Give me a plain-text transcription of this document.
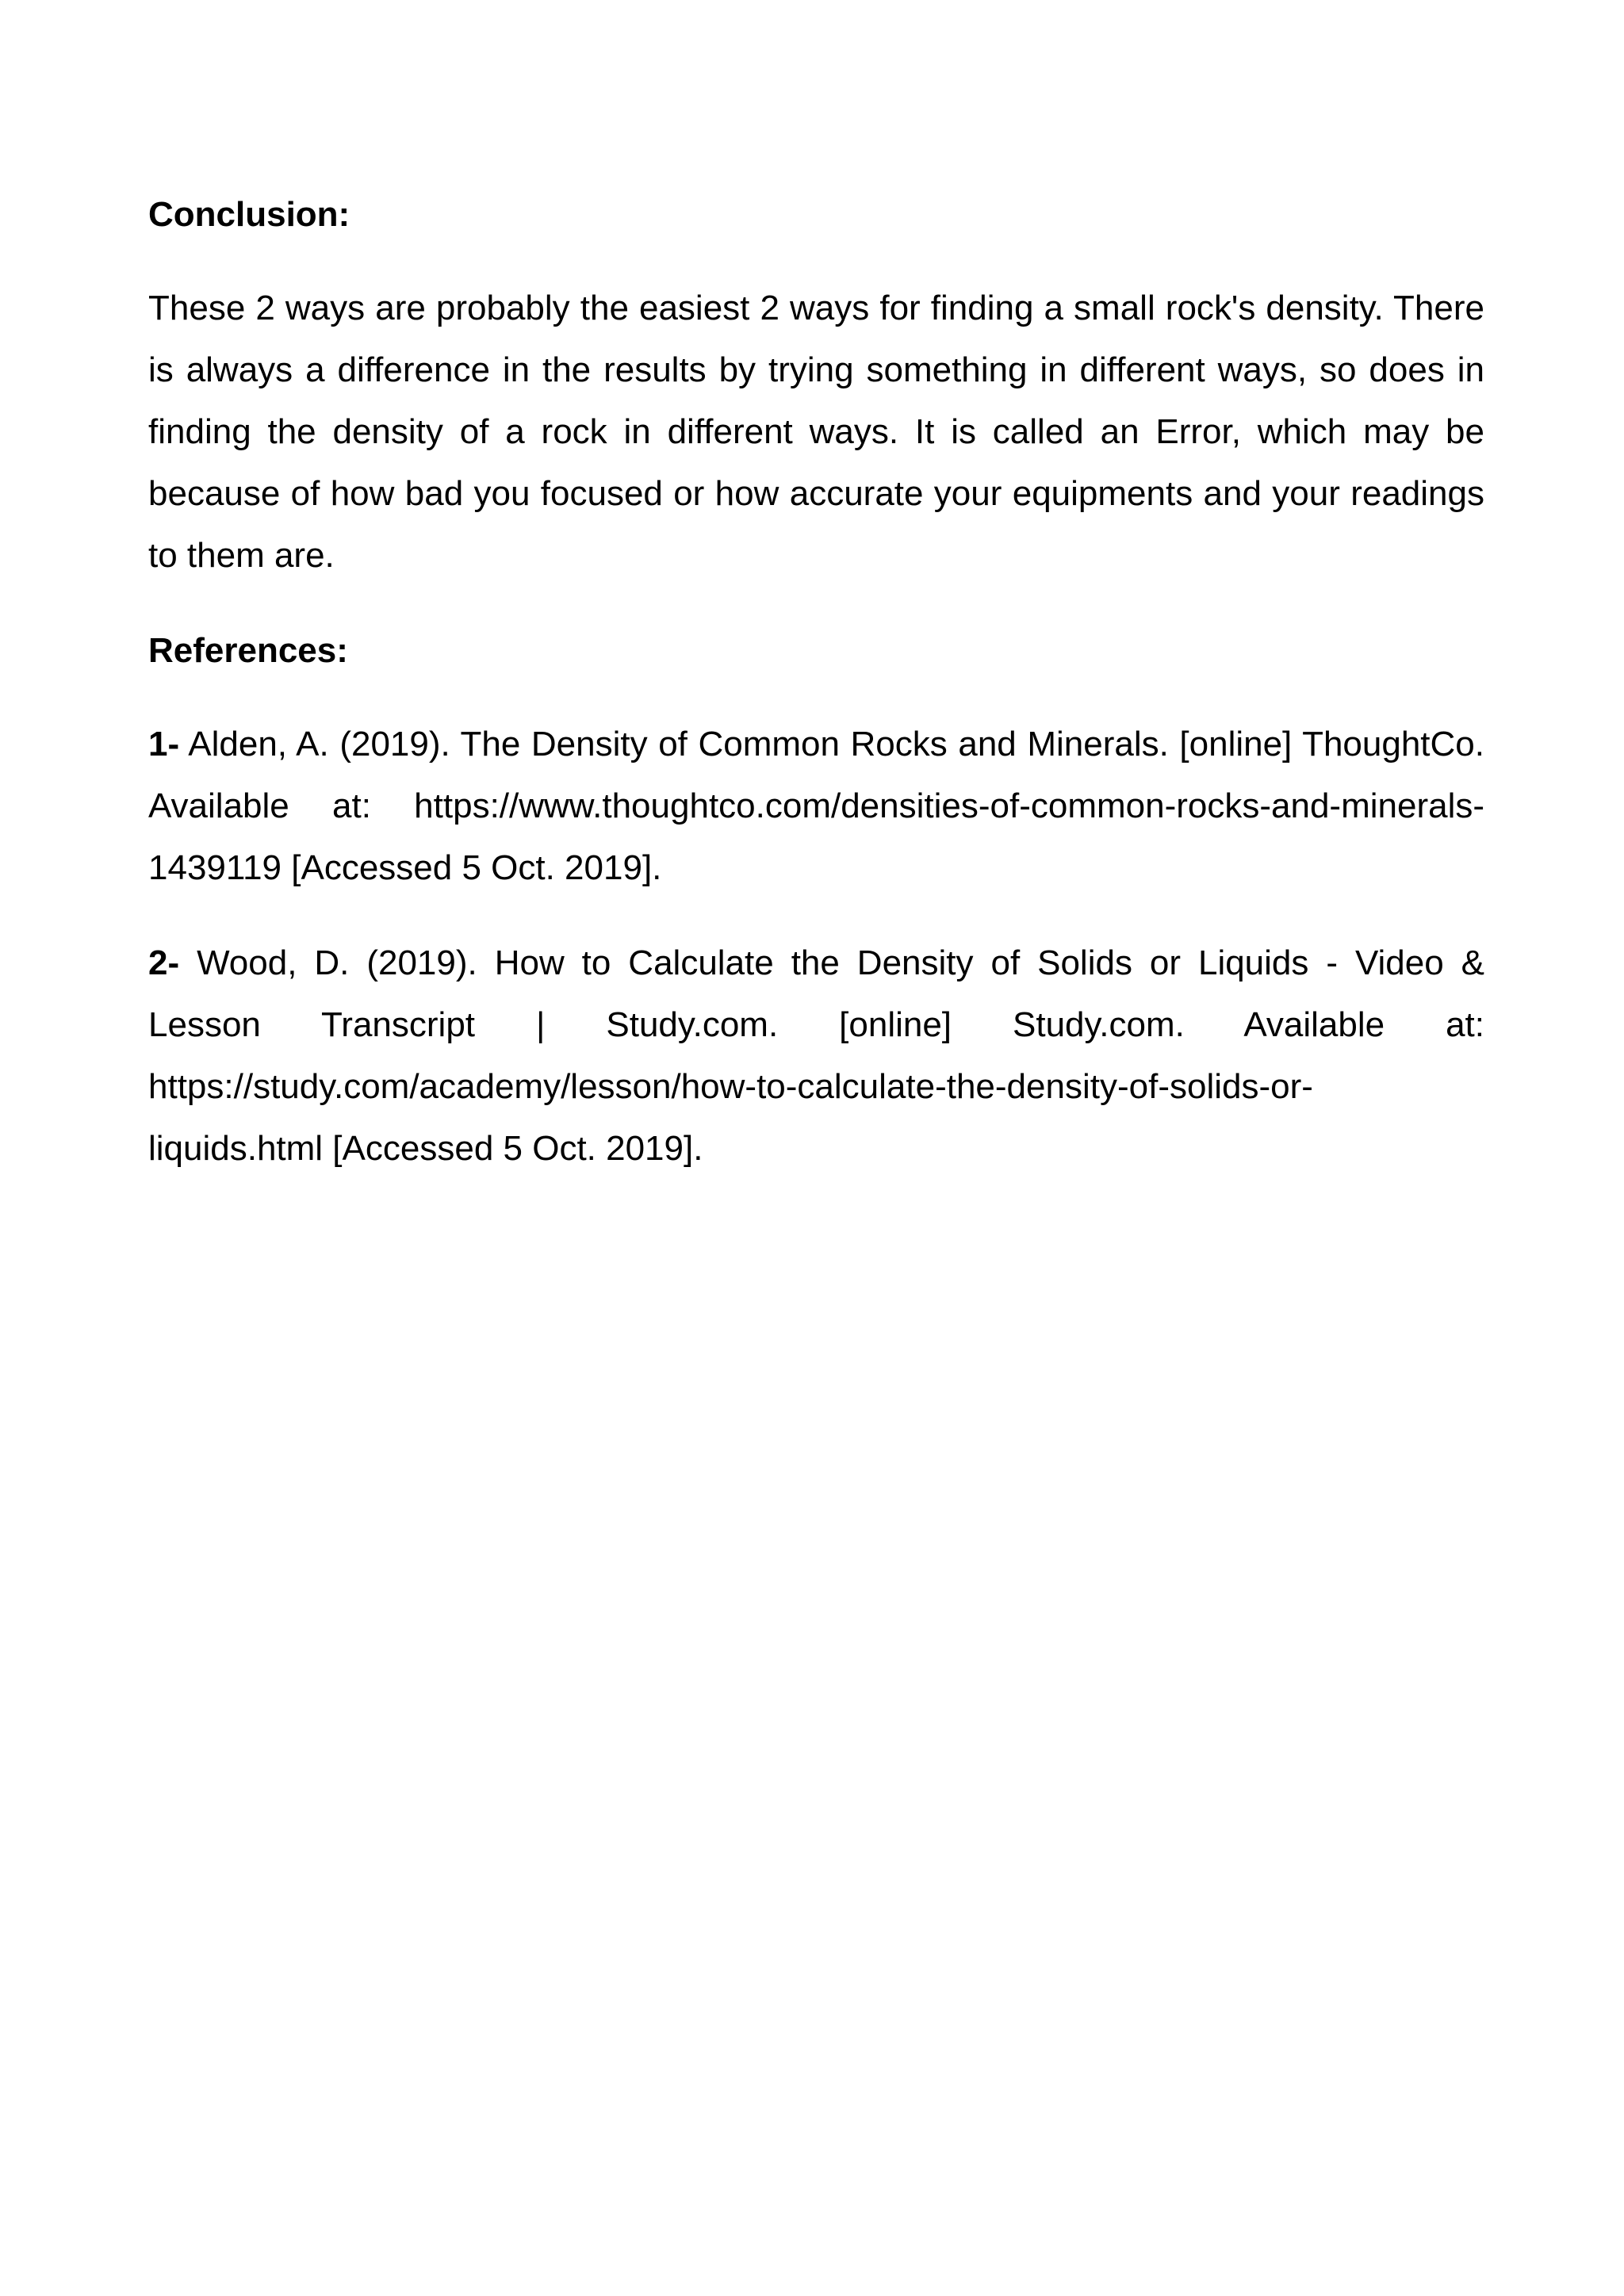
Conclusion:

These 2 ways are probably the easiest 2 ways for finding a small rock's density. There is always a difference in the results by trying something in different ways, so does in finding the density of a rock in different ways. It is called an Error, which may be because of how bad you focused or how accurate your equipments and your readings to them are.

References:

1- Alden, A. (2019). The Density of Common Rocks and Minerals. [online] ThoughtCo. Available at: https://www.thoughtco.com/densities-of-common-rocks-and-minerals-1439119 [Accessed 5 Oct. 2019].

2- Wood, D. (2019). How to Calculate the Density of Solids or Liquids - Video & Lesson Transcript | Study.com. [online] Study.com. Available at: https://study.com/academy/lesson/how-to-calculate-the-density-of-solids-or-liquids.html [Accessed 5 Oct. 2019].
